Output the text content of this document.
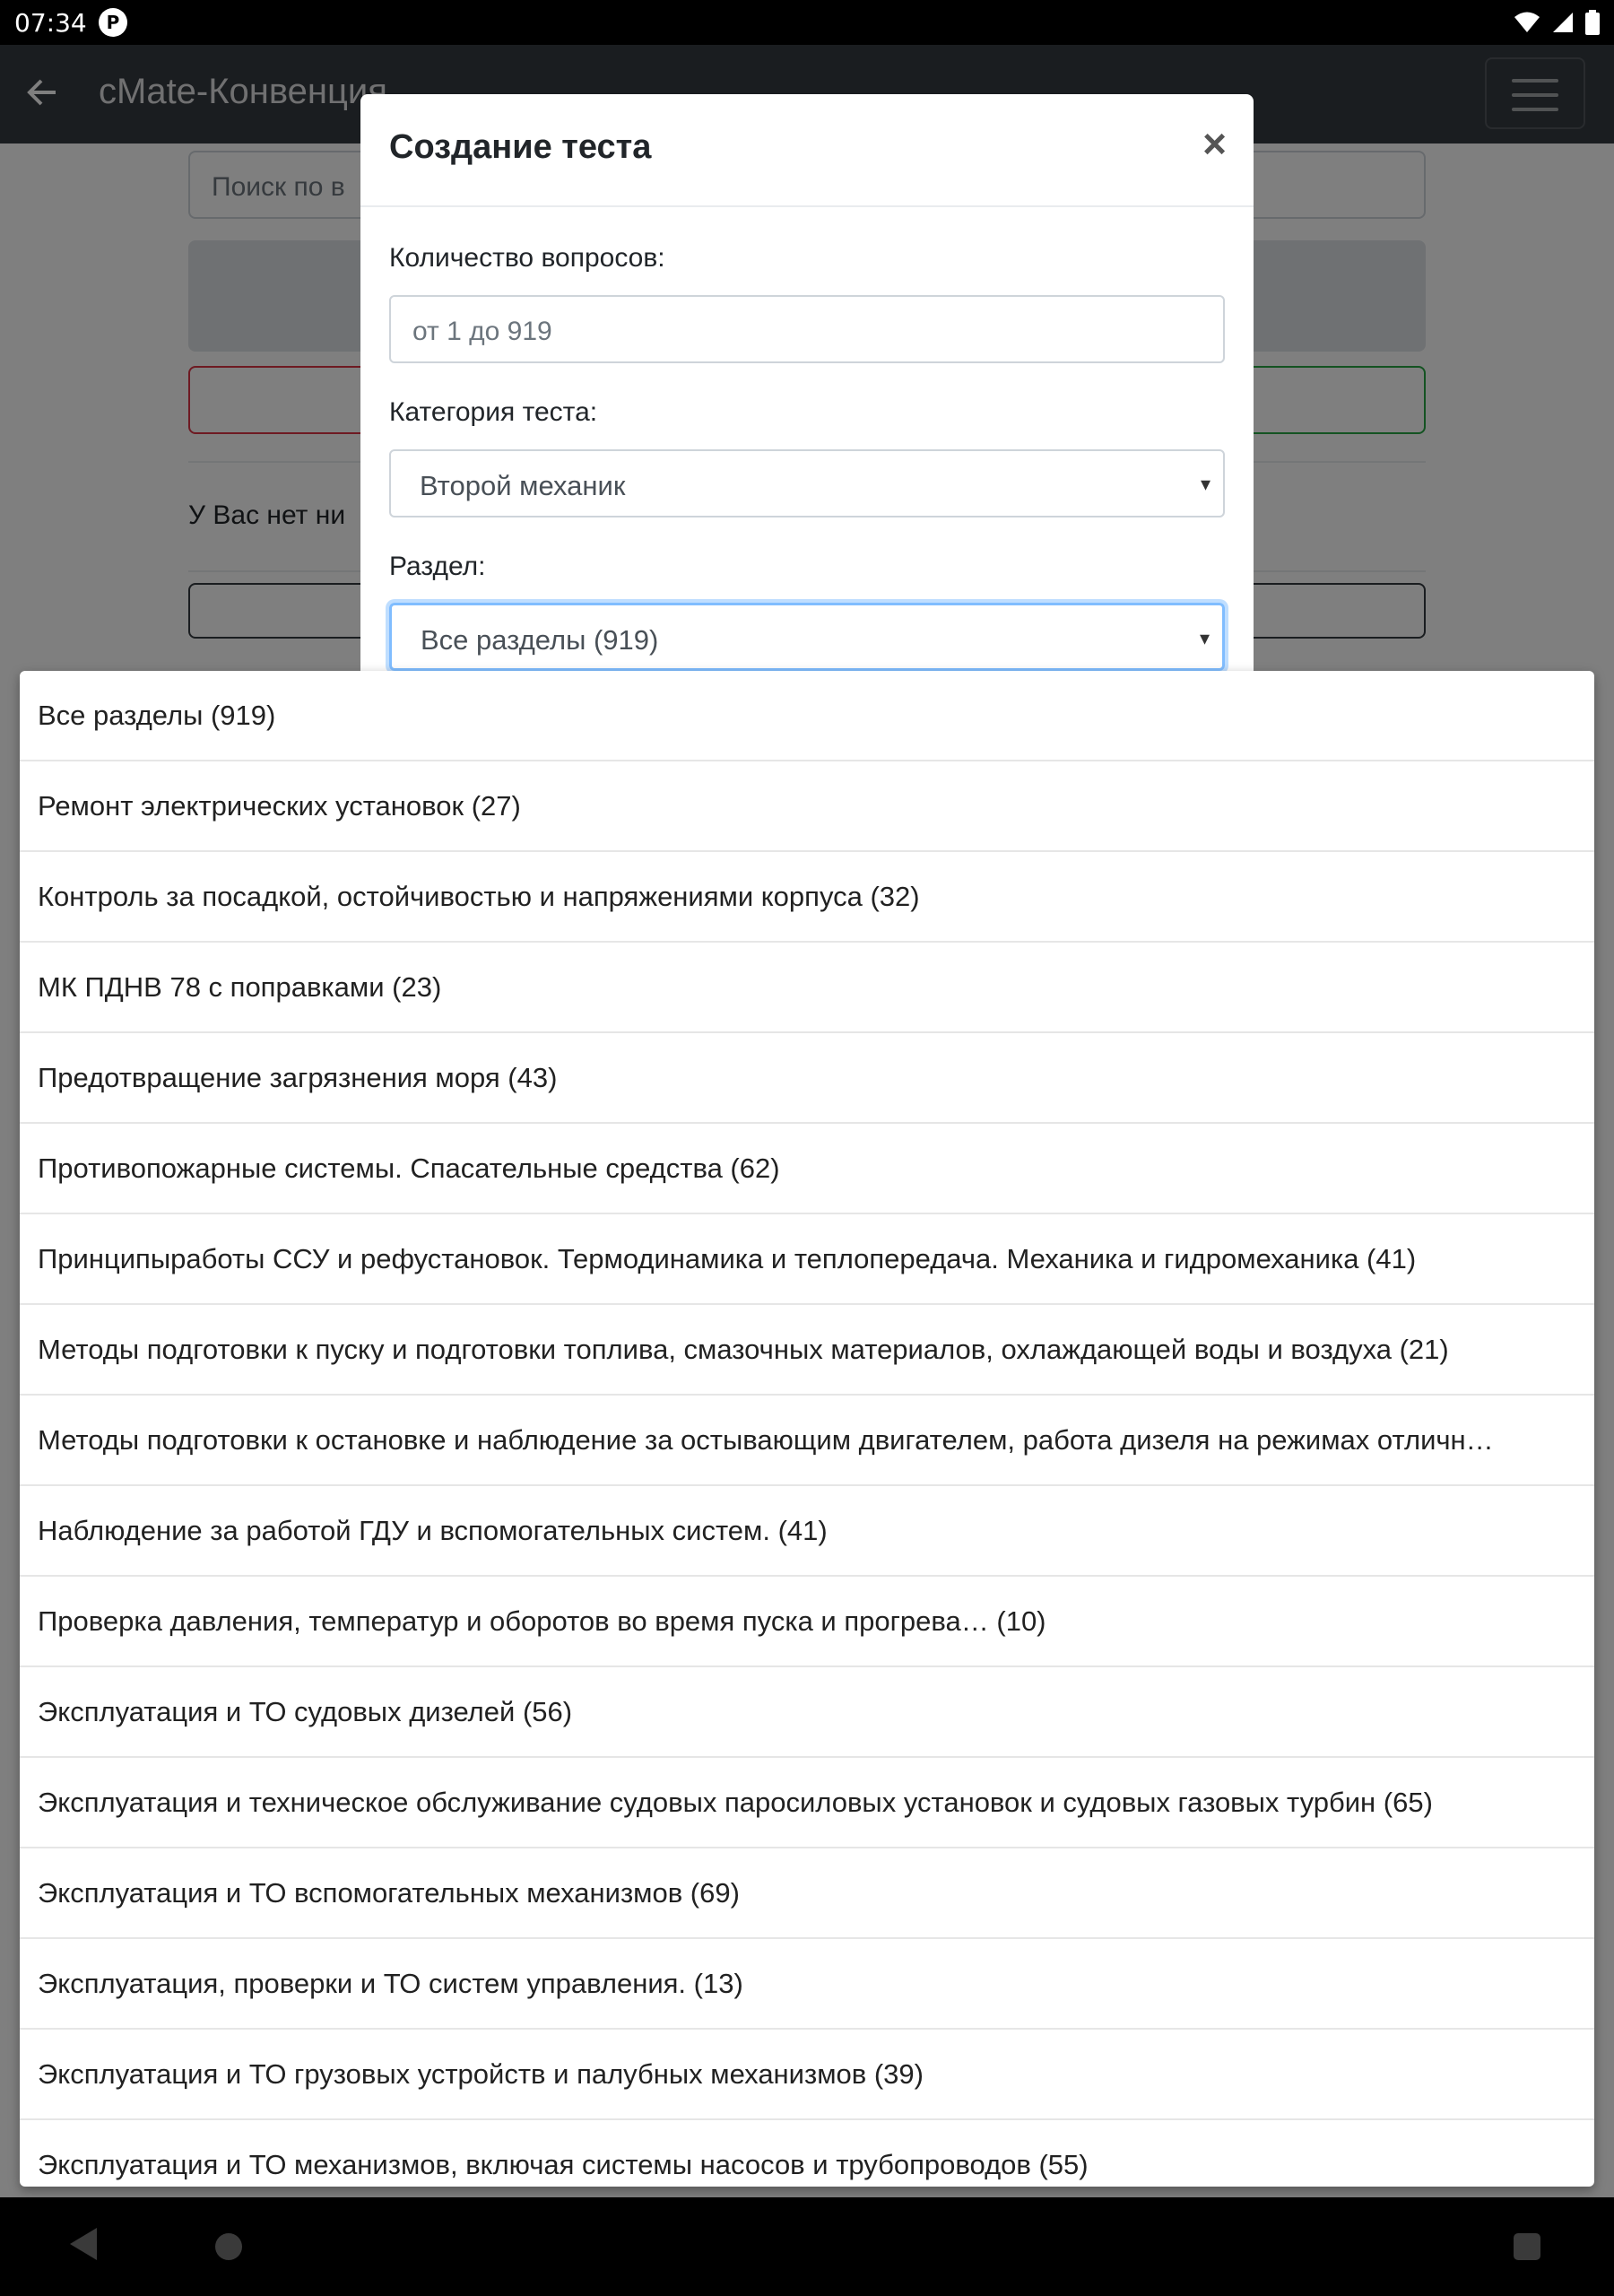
07:34	P
Создание теста	×
Количество вопросов:
от 1 до 919
Категория теста:
Второй механик	▾
Раздел:
Все разделы (919)	▾
Все разделы (919)
Ремонт электрических установок (27)
Контроль за посадкой, остойчивостью и напряжениями корпуса (32)
МК ПДНВ 78 с поправками (23)
Предотвращение загрязнения моря (43)
Противопожарные системы. Спасательные средства (62)
Принципыработы ССУ и рефустановок. Термодинамика и теплопередача. Механика и гидромеханика (41)
Методы подготовки к пуску и подготовки топлива, смазочных материалов, охлаждающей воды и воздуха (21)
Методы подготовки к остановке и наблюдение за остывающим двигателем, работа дизеля на режимах отличн…
Наблюдение за работой ГДУ и вспомогательных систем. (41)
Проверка давления, температур и оборотов во время пуска и прогрева… (10)
Эксплуатация и ТО судовых дизелей (56)
Эксплуатация и техническое обслуживание судовых паросиловых установок и судовых газовых турбин (65)
Эксплуатация и ТО вспомогательных механизмов (69)
Эксплуатация, проверки и ТО систем управления. (13)
Эксплуатация и ТО грузовых устройств и палубных механизмов (39)
Эксплуатация и ТО механизмов, включая системы насосов и трубопроводов (55)
